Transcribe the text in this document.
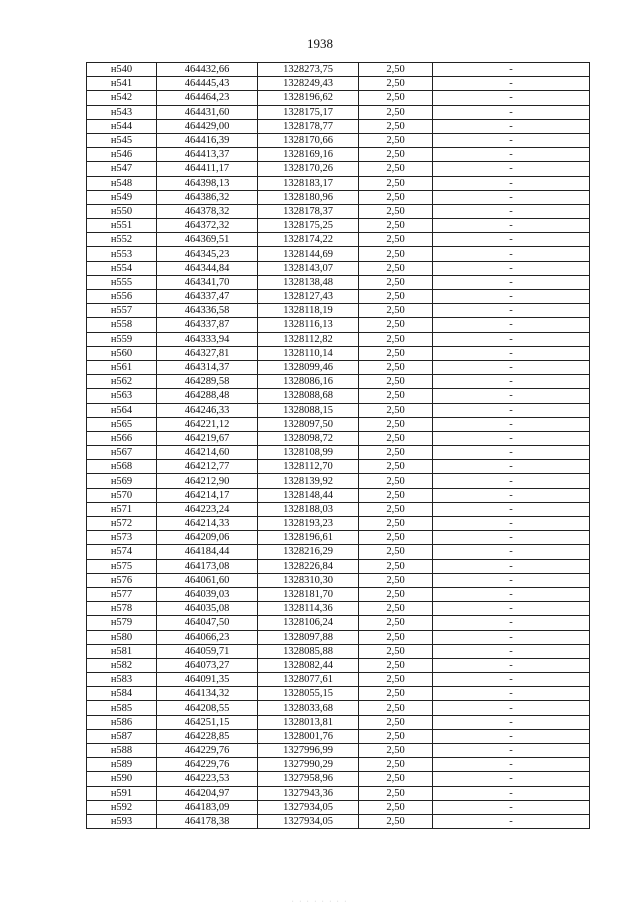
1938
н540	464432,66	1328273,75	2,50	-
н541	464445,43	1328249,43	2,50	-
н542	464464,23	1328196,62	2,50	-
н543	464431,60	1328175,17	2,50	-
н544	464429,00	1328178,77	2,50	-
н545	464416,39	1328170,66	2,50	-
н546	464413,37	1328169,16	2,50	-
н547	464411,17	1328170,26	2,50	-
н548	464398,13	1328183,17	2,50	-
н549	464386,32	1328180,96	2,50	-
н550	464378,32	1328178,37	2,50	-
н551	464372,32	1328175,25	2,50	-
н552	464369,51	1328174,22	2,50	-
н553	464345,23	1328144,69	2,50	-
н554	464344,84	1328143,07	2,50	-
н555	464341,70	1328138,48	2,50	-
н556	464337,47	1328127,43	2,50	-
н557	464336,58	1328118,19	2,50	-
н558	464337,87	1328116,13	2,50	-
н559	464333,94	1328112,82	2,50	-
н560	464327,81	1328110,14	2,50	-
н561	464314,37	1328099,46	2,50	-
н562	464289,58	1328086,16	2,50	-
н563	464288,48	1328088,68	2,50	-
н564	464246,33	1328088,15	2,50	-
н565	464221,12	1328097,50	2,50	-
н566	464219,67	1328098,72	2,50	-
н567	464214,60	1328108,99	2,50	-
н568	464212,77	1328112,70	2,50	-
н569	464212,90	1328139,92	2,50	-
н570	464214,17	1328148,44	2,50	-
н571	464223,24	1328188,03	2,50	-
н572	464214,33	1328193,23	2,50	-
н573	464209,06	1328196,61	2,50	-
н574	464184,44	1328216,29	2,50	-
н575	464173,08	1328226,84	2,50	-
н576	464061,60	1328310,30	2,50	-
н577	464039,03	1328181,70	2,50	-
н578	464035,08	1328114,36	2,50	-
н579	464047,50	1328106,24	2,50	-
н580	464066,23	1328097,88	2,50	-
н581	464059,71	1328085,88	2,50	-
н582	464073,27	1328082,44	2,50	-
н583	464091,35	1328077,61	2,50	-
н584	464134,32	1328055,15	2,50	-
н585	464208,55	1328033,68	2,50	-
н586	464251,15	1328013,81	2,50	-
н587	464228,85	1328001,76	2,50	-
н588	464229,76	1327996,99	2,50	-
н589	464229,76	1327990,29	2,50	-
н590	464223,53	1327958,96	2,50	-
н591	464204,97	1327943,36	2,50	-
н592	464183,09	1327934,05	2,50	-
н593	464178,38	1327934,05	2,50	-
· · · · · · · ·
